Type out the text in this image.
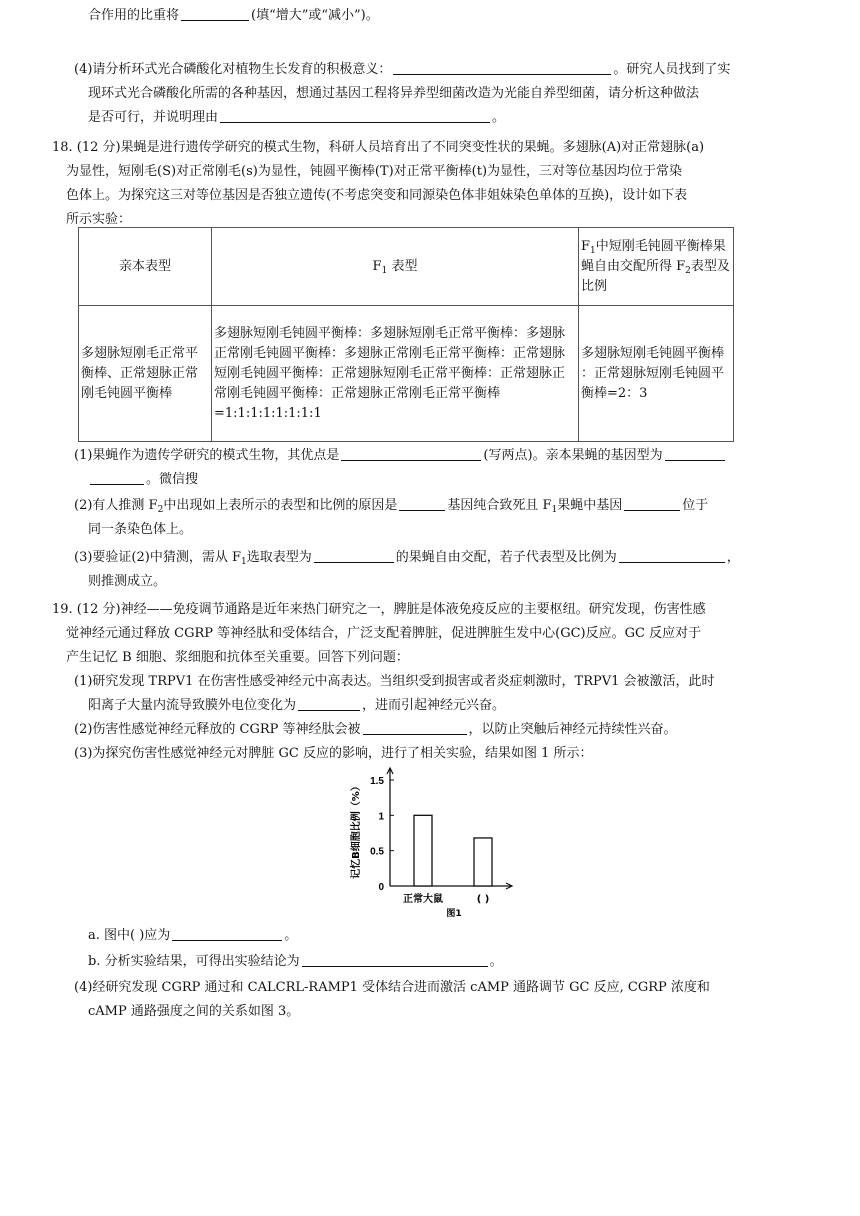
合作用的比重将	(填“增大”或“减小”)。
(4)请分析环式光合磷酸化对植物生长发育的积极意义：	。研究人员找到了实
现环式光合磷酸化所需的各种基因，想通过基因工程将异养型细菌改造为光能自养型细菌，请分析这种做法
是否可行，并说明理由	。
18. (12 分)果蝇是进行遗传学研究的模式生物，科研人员培育出了不同突变性状的果蝇。多翅脉(A)对正常翅脉(a)
为显性，短刚毛(S)对正常刚毛(s)为显性，钝圆平衡棒(T)对正常平衡棒(t)为显性，三对等位基因均位于常染
色体上。为探究这三对等位基因是否独立遗传(不考虑突变和同源染色体非姐妹染色单体的互换)，设计如下表
所示实验：
亲本表型	$F_1$ 表型	$F_1$中短刚毛钝圆平衡棒果蝇自由交配所得 $F_2$表型及比例
多翅脉短刚毛正常平衡棒、正常翅脉正常刚毛钝圆平衡棒	多翅脉短刚毛钝圆平衡棒：多翅脉短刚毛正常平衡棒：多翅脉正常刚毛钝圆平衡棒：多翅脉正常刚毛正常平衡棒：正常翅脉短刚毛钝圆平衡棒：正常翅脉短刚毛正常平衡棒：正常翅脉正常刚毛钝圆平衡棒：正常翅脉正常刚毛正常平衡棒=1:1:1:1:1:1:1:1	多翅脉短刚毛钝圆平衡棒 ：正常翅脉短刚毛钝圆平衡棒=2：3
(1)果蝇作为遗传学研究的模式生物，其优点是	(写两点)。亲本果蝇的基因型为
。微信搜
(2)有人推测 $F_2$中出现如上表所示的表型和比例的原因是	基因纯合致死且 $F_1$果蝇中基因	位于
同一条染色体上。
(3)要验证(2)中猜测，需从 $F_1$选取表型为	的果蝇自由交配，若子代表型及比例为	，
则推测成立。
19. (12 分)神经——免疫调节通路是近年来热门研究之一，脾脏是体液免疫反应的主要枢纽。研究发现，伤害性感
觉神经元通过释放 CGRP 等神经肽和受体结合，广泛支配着脾脏，促进脾脏生发中心(GC)反应。GC 反应对于
产生记忆 B 细胞、浆细胞和抗体至关重要。回答下列问题：
(1)研究发现 TRPV1 在伤害性感受神经元中高表达。当组织受到损害或者炎症刺激时，TRPV1 会被激活，此时
阳离子大量内流导致膜外电位变化为	，进而引起神经元兴奋。
(2)伤害性感觉神经元释放的 CGRP 等神经肽会被	，以防止突触后神经元持续性兴奋。
(3)为探究伤害性感觉神经元对脾脏 GC 反应的影响，进行了相关实验，结果如图 1 所示：
0
0.5
1
1.5
记忆B细胞比例（%）
正常大鼠	( )
图1
a. 图中( )应为	。
b. 分析实验结果，可得出实验结论为	。
(4)经研究发现 CGRP 通过和 CALCRL-RAMP1 受体结合进而激活 cAMP 通路调节 GC 反应, CGRP 浓度和
cAMP 通路强度之间的关系如图 3。
